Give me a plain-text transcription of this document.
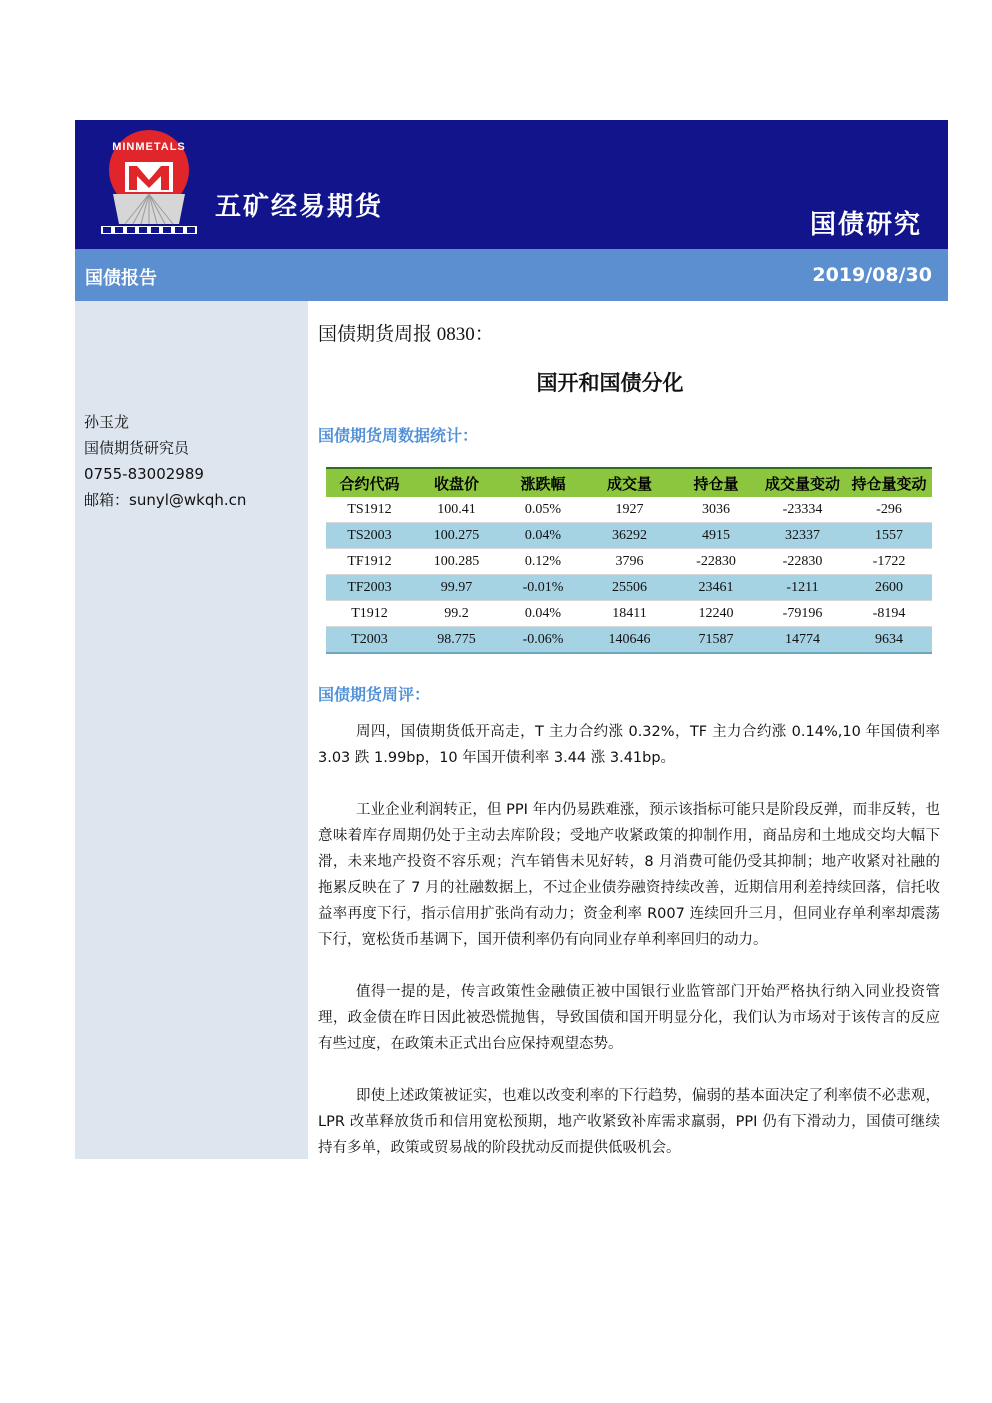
MINMETALS
五矿经易期货
国债研究
国债报告	2019/08/30
孙玉龙
国债期货研究员
0755-83002989
邮箱：sunyl@wkqh.cn
国债期货周报 0830：
国开和国债分化
国债期货周数据统计：
合约代码	收盘价	涨跌幅	成交量	持仓量	成交量变动	持仓量变动
TS1912	100.41	0.05%	1927	3036	-23334	-296
TS2003	100.275	0.04%	36292	4915	32337	1557
TF1912	100.285	0.12%	3796	-22830	-22830	-1722
TF2003	99.97	-0.01%	25506	23461	-1211	2600
T1912	99.2	0.04%	18411	12240	-79196	-8194
T2003	98.775	-0.06%	140646	71587	14774	9634
国债期货周评：

周四，国债期货低开高走，T 主力合约涨 0.32%，TF 主力合约涨 0.14%,10 年国债利率 3.03 跌 1.99bp，10 年国开债利率 3.44 涨 3.41bp。

工业企业利润转正，但 PPI 年内仍易跌难涨，预示该指标可能只是阶段反弹，而非反转，也意味着库存周期仍处于主动去库阶段；受地产收紧政策的抑制作用，商品房和土地成交均大幅下滑，未来地产投资不容乐观；汽车销售未见好转，8 月消费可能仍受其抑制；地产收紧对社融的拖累反映在了 7 月的社融数据上，不过企业债券融资持续改善，近期信用利差持续回落，信托收益率再度下行，指示信用扩张尚有动力；资金利率 R007 连续回升三月，但同业存单利率却震荡下行，宽松货币基调下，国开债利率仍有向同业存单利率回归的动力。

值得一提的是，传言政策性金融债正被中国银行业监管部门开始严格执行纳入同业投资管理，政金债在昨日因此被恐慌抛售，导致国债和国开明显分化，我们认为市场对于该传言的反应有些过度，在政策未正式出台应保持观望态势。

即使上述政策被证实，也难以改变利率的下行趋势，偏弱的基本面决定了利率债不必悲观，LPR 改革释放货币和信用宽松预期，地产收紧致补库需求羸弱，PPI 仍有下滑动力，国债可继续持有多单，政策或贸易战的阶段扰动反而提供低吸机会。
